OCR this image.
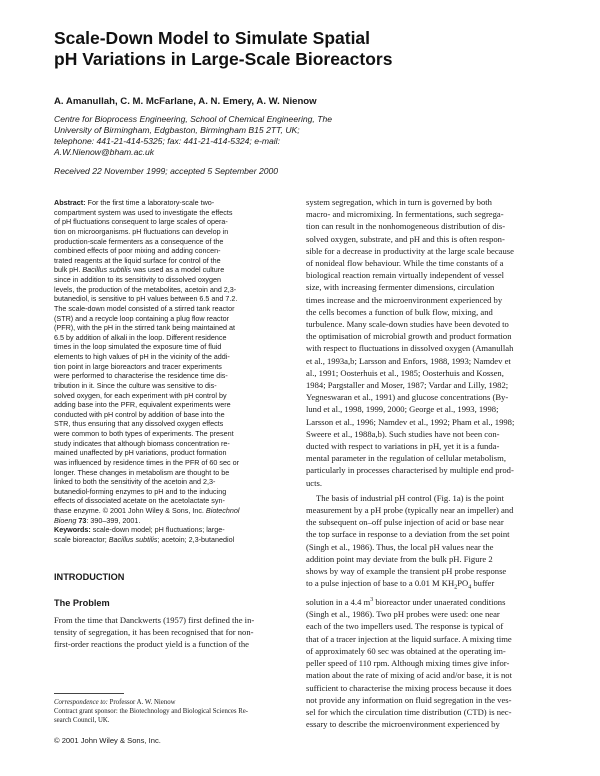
Scale-Down Model to Simulate Spatial
pH Variations in Large-Scale Bioreactors
A. Amanullah, C. M. McFarlane, A. N. Emery, A. W. Nienow
Centre for Bioprocess Engineering, School of Chemical Engineering, The
University of Birmingham, Edgbaston, Birmingham B15 2TT, UK;
telephone: 441-21-414-5325; fax: 441-21-414-5324; e-mail:
A.W.Nienow@bham.ac.uk
Received 22 November 1999; accepted 5 September 2000
Abstract: For the first time a laboratory-scale two-
compartment system was used to investigate the effects
of pH fluctuations consequent to large scales of opera-
tion on microorganisms. pH fluctuations can develop in
production-scale fermenters as a consequence of the
combined effects of poor mixing and adding concen-
trated reagents at the liquid surface for control of the
bulk pH. Bacillus subtilis was used as a model culture
since in addition to its sensitivity to dissolved oxygen
levels, the production of the metabolites, acetoin and 2,3-
butanediol, is sensitive to pH values between 6.5 and 7.2.
The scale-down model consisted of a stirred tank reactor
(STR) and a recycle loop containing a plug flow reactor
(PFR), with the pH in the stirred tank being maintained at
6.5 by addition of alkali in the loop. Different residence
times in the loop simulated the exposure time of fluid
elements to high values of pH in the vicinity of the addi-
tion point in large bioreactors and tracer experiments
were performed to characterise the residence time dis-
tribution in it. Since the culture was sensitive to dis-
solved oxygen, for each experiment with pH control by
adding base into the PFR, equivalent experiments were
conducted with pH control by addition of base into the
STR, thus ensuring that any dissolved oxygen effects
were common to both types of experiments. The present
study indicates that although biomass concentration re-
mained unaffected by pH variations, product formation
was influenced by residence times in the PFR of 60 sec or
longer. These changes in metabolism are thought to be
linked to both the sensitivity of the acetoin and 2,3-
butanediol-forming enzymes to pH and to the inducing
effects of dissociated acetate on the acetolactate syn-
thase enzyme. © 2001 John Wiley & Sons, Inc. Biotechnol
Bioeng 73: 390–399, 2001.
Keywords: scale-down model; pH fluctuations; large-
scale bioreactor; Bacillus subtilis; acetoin; 2,3-butanediol
INTRODUCTION
The Problem
From the time that Danckwerts (1957) first defined the in-
tensity of segregation, it has been recognised that for non-
first-order reactions the product yield is a function of the
Correspondence to: Professor A. W. Nienow
Contract grant sponsor: the Biotechnology and Biological Sciences Re-
search Council, UK.
© 2001 John Wiley & Sons, Inc.
system segregation, which in turn is governed by both
macro- and micromixing. In fermentations, such segrega-
tion can result in the nonhomogeneous distribution of dis-
solved oxygen, substrate, and pH and this is often respon-
sible for a decrease in productivity at the large scale because
of nonideal flow behaviour. While the time constants of a
biological reaction remain virtually independent of vessel
size, with increasing fermenter dimensions, circulation
times increase and the microenvironment experienced by
the cells becomes a function of bulk flow, mixing, and
turbulence. Many scale-down studies have been devoted to
the optimisation of microbial growth and product formation
with respect to fluctuations in dissolved oxygen (Amanullah
et al., 1993a,b; Larsson and Enfors, 1988, 1993; Namdev et
al., 1991; Oosterhuis et al., 1985; Oosterhuis and Kossen,
1984; Pargstaller and Moser, 1987; Vardar and Lilly, 1982;
Yegneswaran et al., 1991) and glucose concentrations (By-
lund et al., 1998, 1999, 2000; George et al., 1993, 1998;
Larsson et al., 1996; Namdev et al., 1992; Pham et al., 1998;
Sweere et al., 1988a,b). Such studies have not been con-
ducted with respect to variations in pH, yet it is a funda-
mental parameter in the regulation of cellular metabolism,
particularly in processes characterised by multiple end prod-
ucts.
The basis of industrial pH control (Fig. 1a) is the point
measurement by a pH probe (typically near an impeller) and
the subsequent on–off pulse injection of acid or base near
the top surface in response to a deviation from the set point
(Singh et al., 1986). Thus, the local pH values near the
addition point may deviate from the bulk pH. Figure 2
shows by way of example the transient pH probe response
to a pulse injection of base to a 0.01 M $KH_2PO_4$ buffer
solution in a 4.4 $m^3$ bioreactor under unaerated conditions
(Singh et al., 1986). Two pH probes were used: one near
each of the two impellers used. The response is typical of
that of a tracer injection at the liquid surface. A mixing time
of approximately 60 sec was obtained at the operating im-
peller speed of 110 rpm. Although mixing times give infor-
mation about the rate of mixing of acid and/or base, it is not
sufficient to characterise the mixing process because it does
not provide any information on fluid segregation in the ves-
sel for which the circulation time distribution (CTD) is nec-
essary to describe the microenvironment experienced by
